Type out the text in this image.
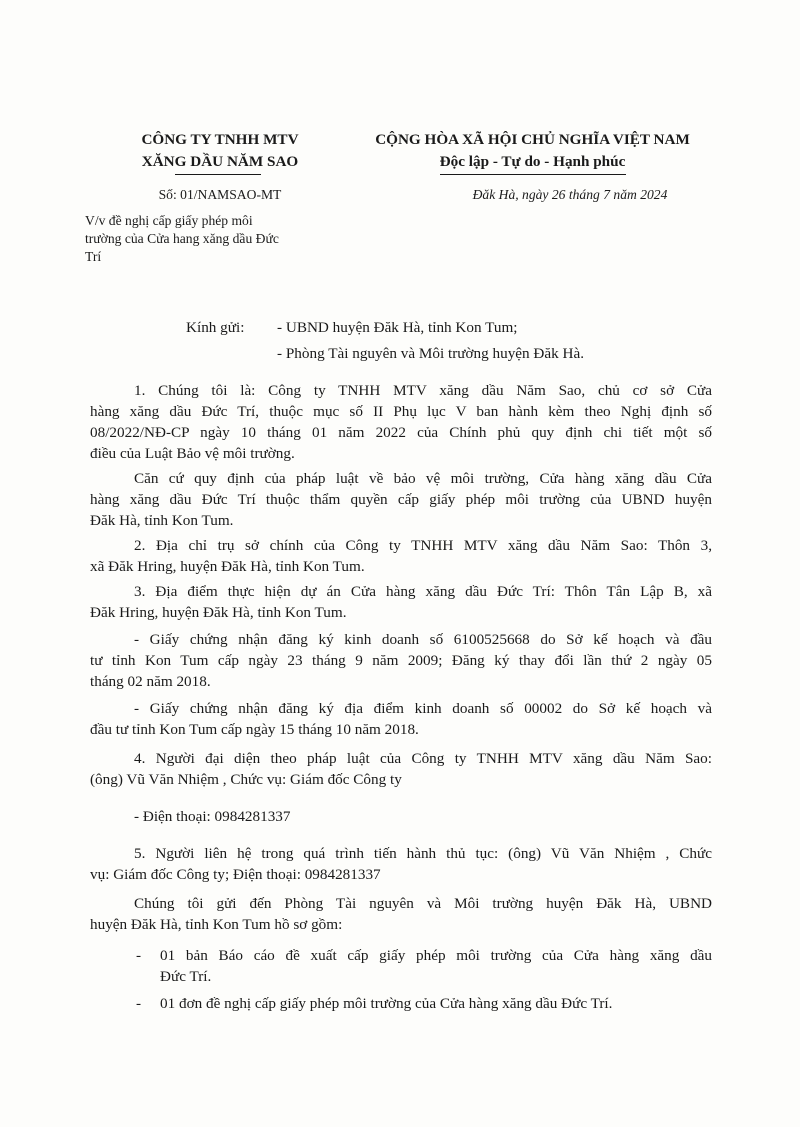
CÔNG TY TNHH MTV
XĂNG DẦU NĂM SAO
CỘNG HÒA XÃ HỘI CHỦ NGHĨA VIỆT NAM
Độc lập - Tự do - Hạnh phúc
Số: 01/NAMSAO-MT	Đăk Hà, ngày 26 tháng 7 năm 2024
V/v đề nghị cấp giấy phép môi
trường của Cửa hang xăng dầu Đức
Trí
Kính gửi: - UBND huyện Đăk Hà, tỉnh Kon Tum;
- Phòng Tài nguyên và Môi trường huyện Đăk Hà.
1. Chúng tôi là: Công ty TNHH MTV xăng dầu Năm Sao, chủ cơ sở Cửa
hàng xăng dầu Đức Trí, thuộc mục số II Phụ lục V ban hành kèm theo Nghị định số
08/2022/NĐ-CP ngày 10 tháng 01 năm 2022 của Chính phủ quy định chi tiết một số
điều của Luật Bảo vệ môi trường.
Căn cứ quy định của pháp luật về bảo vệ môi trường, Cửa hàng xăng dầu Cửa
hàng xăng dầu Đức Trí thuộc thẩm quyền cấp giấy phép môi trường của UBND huyện
Đăk Hà, tỉnh Kon Tum.
2. Địa chỉ trụ sở chính của Công ty TNHH MTV xăng dầu Năm Sao: Thôn 3,
xã Đăk Hring, huyện Đăk Hà, tỉnh Kon Tum.
3. Địa điểm thực hiện dự án Cửa hàng xăng dầu Đức Trí: Thôn Tân Lập B, xã
Đăk Hring, huyện Đăk Hà, tỉnh Kon Tum.
- Giấy chứng nhận đăng ký kinh doanh số 6100525668 do Sở kế hoạch và đầu
tư tỉnh Kon Tum cấp ngày 23 tháng 9 năm 2009; Đăng ký thay đổi lần thứ 2 ngày 05
tháng 02 năm 2018.
- Giấy chứng nhận đăng ký địa điểm kinh doanh số 00002 do Sở kế hoạch và
đầu tư tỉnh Kon Tum cấp ngày 15 tháng 10 năm 2018.
4. Người đại diện theo pháp luật của Công ty TNHH MTV xăng dầu Năm Sao:
(ông) Vũ Văn Nhiệm , Chức vụ: Giám đốc Công ty
- Điện thoại: 0984281337
5. Người liên hệ trong quá trình tiến hành thủ tục: (ông) Vũ Văn Nhiệm , Chức
vụ: Giám đốc Công ty; Điện thoại: 0984281337
Chúng tôi gửi đến Phòng Tài nguyên và Môi trường huyện Đăk Hà, UBND
huyện Đăk Hà, tỉnh Kon Tum hồ sơ gồm:
- 01 bản Báo cáo đề xuất cấp giấy phép môi trường của Cửa hàng xăng dầu
Đức Trí.
- 01 đơn đề nghị cấp giấy phép môi trường của Cửa hàng xăng dầu Đức Trí.
